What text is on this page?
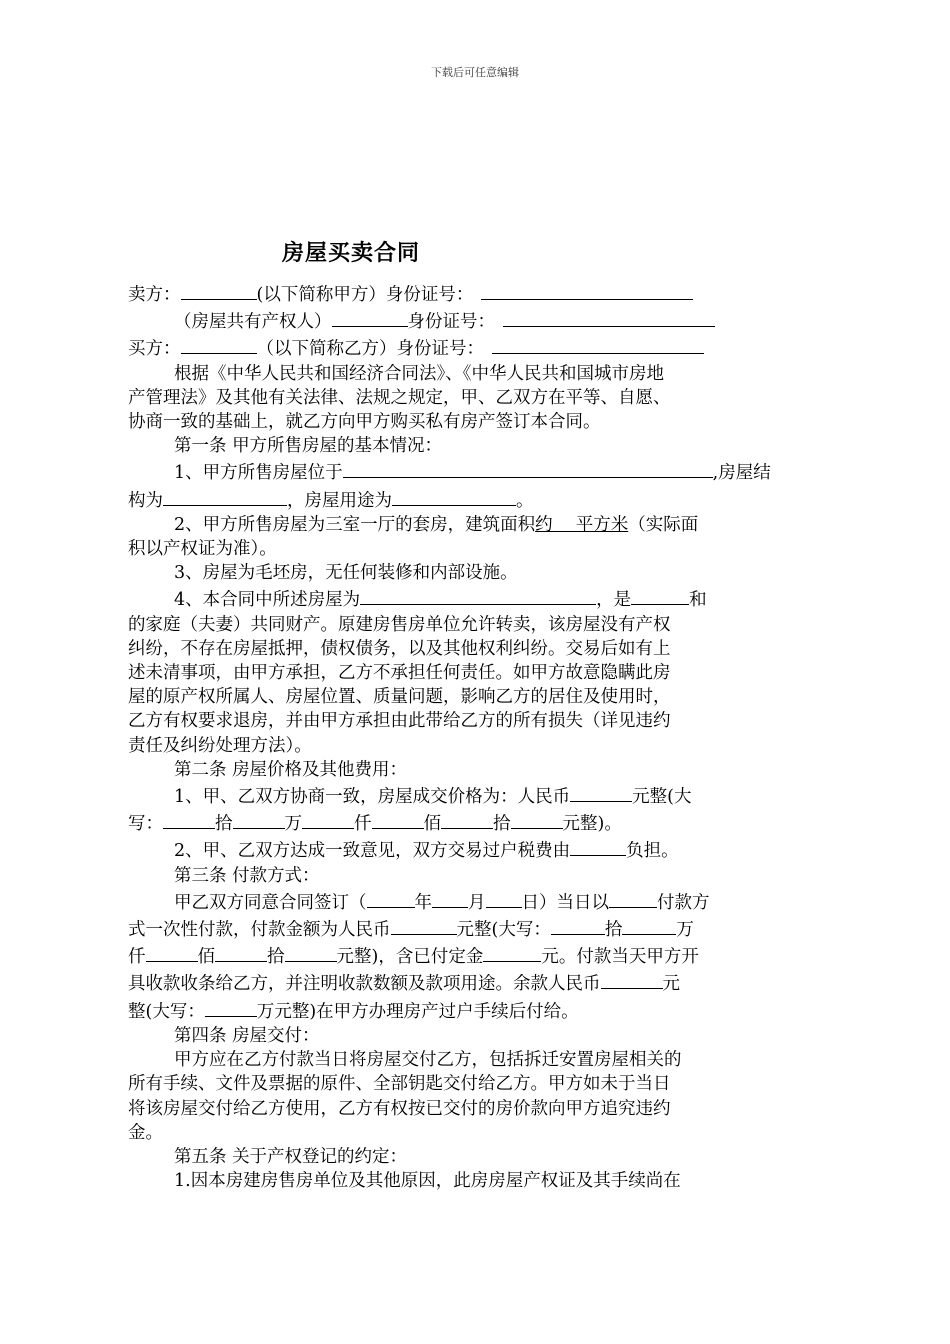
下载后可任意编辑
房屋买卖合同
卖方：	(以下简称甲方）身份证号：
（房屋共有产权人）	身份证号：
买方：	（以下简称乙方）身份证号：
根据《中华人民共和国经济合同法》、《中华人民共和国城市房地
产管理法》及其他有关法律、法规之规定，甲、乙双方在平等、自愿、
协商一致的基础上，就乙方向甲方购买私有房产签订本合同。
第一条 甲方所售房屋的基本情况：
1、甲方所售房屋位于	,房屋结
构为	，房屋用途为	。
2、甲方所售房屋为三室一厅的套房，建筑面积约　 平方米（实际面
积以产权证为准）。
3、房屋为毛坯房，无任何装修和内部设施。
4、本合同中所述房屋为	，是	和
的家庭（夫妻）共同财产。原建房售房单位允许转卖，该房屋没有产权
纠纷，不存在房屋抵押，债权债务，以及其他权利纠纷。交易后如有上
述未清事项，由甲方承担，乙方不承担任何责任。如甲方故意隐瞒此房
屋的原产权所属人、房屋位置、质量问题，影响乙方的居住及使用时，
乙方有权要求退房，并由甲方承担由此带给乙方的所有损失（详见违约
责任及纠纷处理方法）。
第二条 房屋价格及其他费用：
1、甲、乙双方协商一致，房屋成交价格为：人民币	元整(大
写：	拾	万	仟	佰	拾	元整)。
2、甲、乙双方达成一致意见，双方交易过户税费由	负担。
第三条 付款方式：
甲乙双方同意合同签订（	年 月 日）当日以	付款方
式一次性付款，付款金额为人民币	元整(大写：	拾	万
仟	佰	拾	元整)，含已付定金	元。付款当天甲方开
具收款收条给乙方，并注明收款数额及款项用途。余款人民币	元
整(大写：	万元整)在甲方办理房产过户手续后付给。
第四条 房屋交付：
甲方应在乙方付款当日将房屋交付乙方，包括拆迁安置房屋相关的
所有手续、文件及票据的原件、全部钥匙交付给乙方。甲方如未于当日
将该房屋交付给乙方使用，乙方有权按已交付的房价款向甲方追究违约
金。
第五条 关于产权登记的约定：
1.因本房建房售房单位及其他原因，此房房屋产权证及其手续尚在
